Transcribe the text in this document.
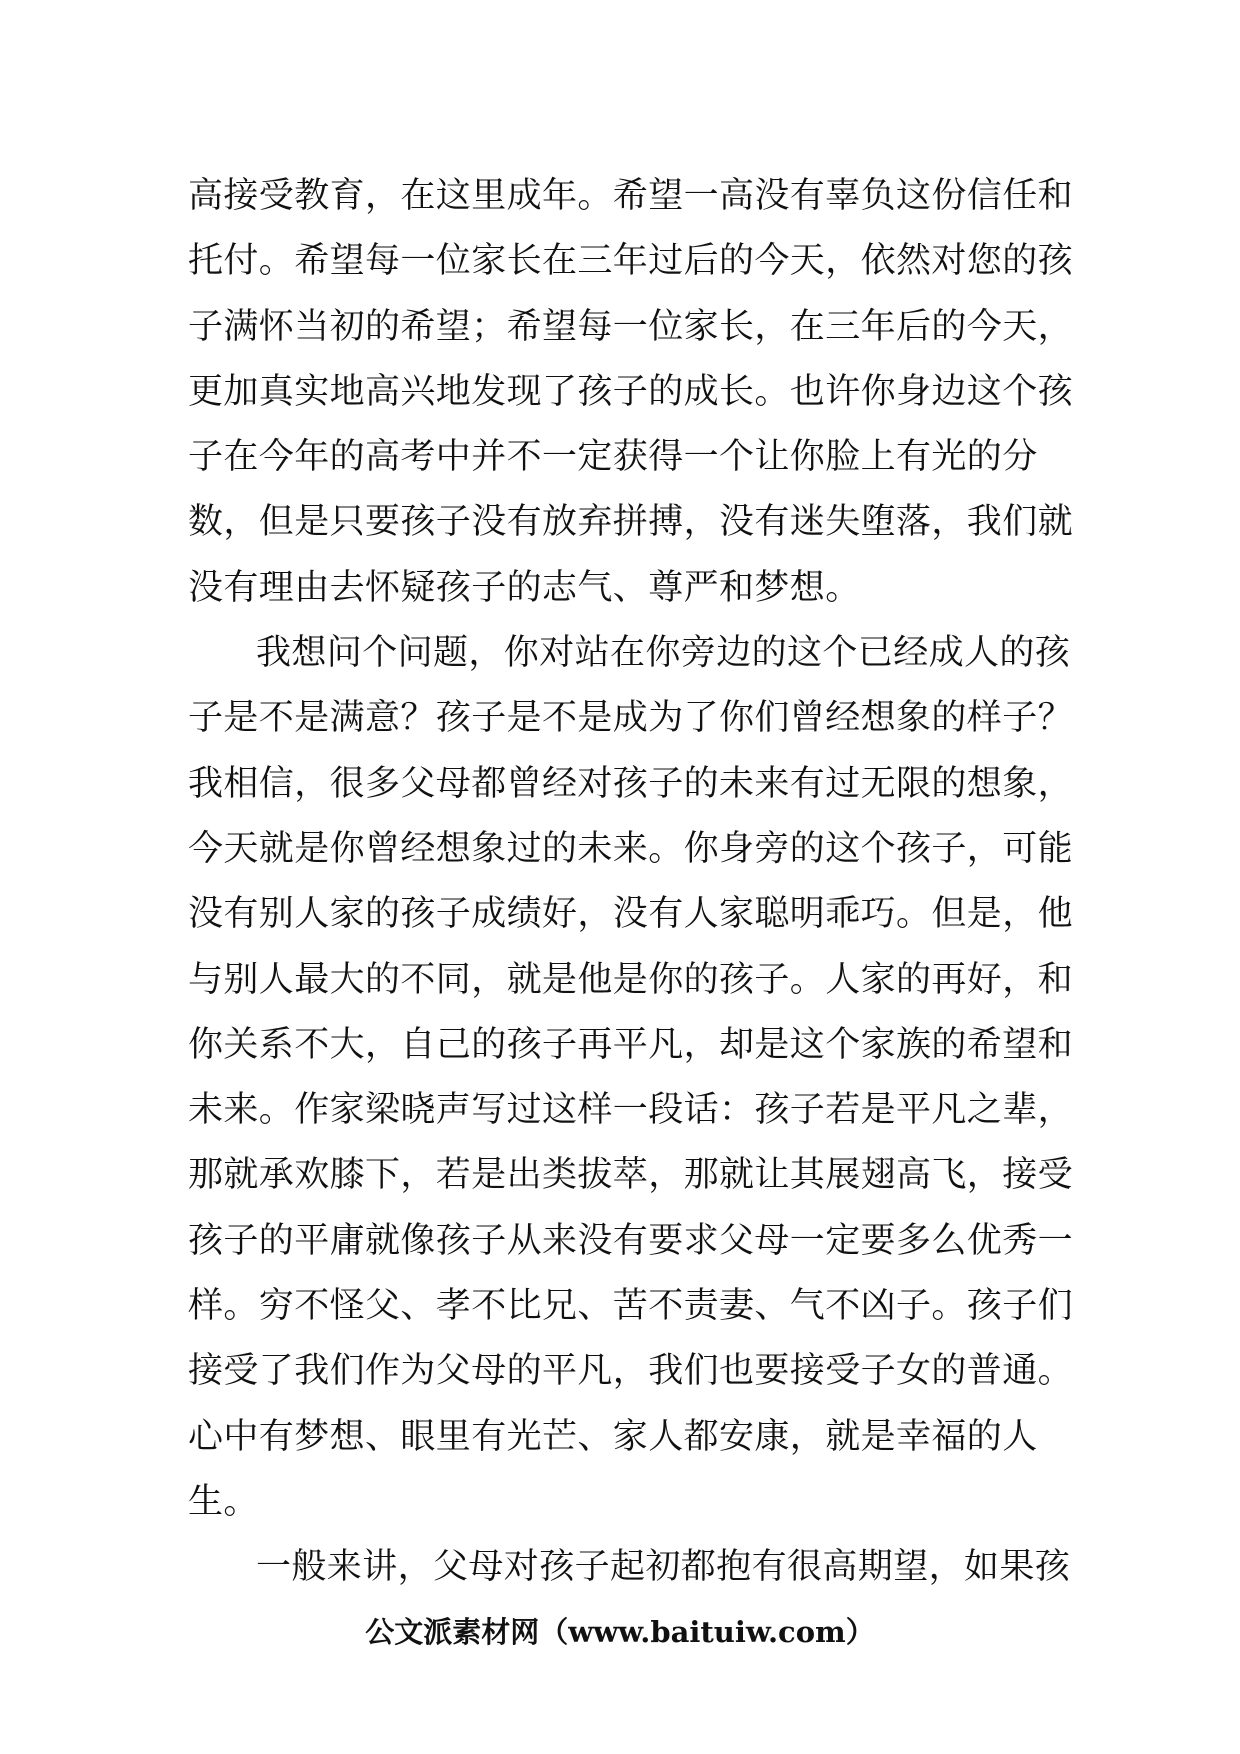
高接受教育，在这里成年。希望一高没有辜负这份信任和
托付。希望每一位家长在三年过后的今天，依然对您的孩
子满怀当初的希望；希望每一位家长，在三年后的今天，
更加真实地高兴地发现了孩子的成长。也许你身边这个孩
子在今年的高考中并不一定获得一个让你脸上有光的分
数，但是只要孩子没有放弃拼搏，没有迷失堕落，我们就
没有理由去怀疑孩子的志气、尊严和梦想。
我想问个问题，你对站在你旁边的这个已经成人的孩
子是不是满意？孩子是不是成为了你们曾经想象的样子？
我相信，很多父母都曾经对孩子的未来有过无限的想象，
今天就是你曾经想象过的未来。你身旁的这个孩子，可能
没有别人家的孩子成绩好，没有人家聪明乖巧。但是，他
与别人最大的不同，就是他是你的孩子。人家的再好，和
你关系不大，自己的孩子再平凡，却是这个家族的希望和
未来。作家梁晓声写过这样一段话：孩子若是平凡之辈，
那就承欢膝下，若是出类拔萃，那就让其展翅高飞，接受
孩子的平庸就像孩子从来没有要求父母一定要多么优秀一
样。穷不怪父、孝不比兄、苦不责妻、气不凶子。孩子们
接受了我们作为父母的平凡，我们也要接受子女的普通。
心中有梦想、眼里有光芒、家人都安康，就是幸福的人
生。
一般来讲，父母对孩子起初都抱有很高期望，如果孩
公文派素材网（www.baituiw.com）
